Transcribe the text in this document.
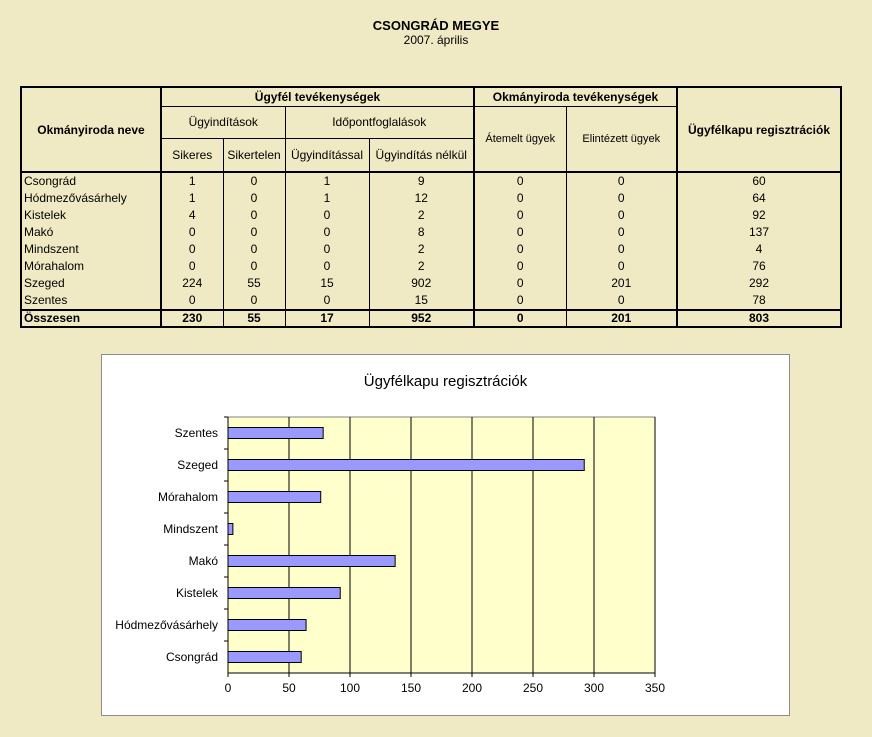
CSONGRÁD MEGYE
2007. április
Okmányiroda neve	Ügyfél tevékenységek				Okmányiroda tevékenységek		Ügyfélkapu regisztrációk
	Ügyindítások		Időpontfoglalások		Átemelt ügyek	Elintézett ügyek	
	Sikeres	Sikertelen	Ügyindítással	Ügyindítás nélkül			
Csongrád	1	0	1	9	0	0	60
Hódmezővásárhely	1	0	1	12	0	0	64
Kistelek	4	0	0	2	0	0	92
Makó	0	0	0	8	0	0	137
Mindszent	0	0	0	2	0	0	4
Mórahalom	0	0	0	2	0	0	76
Szeged	224	55	15	902	0	201	292
Szentes	0	0	0	15	0	0	78
Összesen	230	55	17	952	0	201	803
Ügyfélkapu regisztrációk
0	50	100	150	200	250	300	350
Szentes
Szeged
Mórahalom
Mindszent
Makó
Kistelek
Hódmezővásárhely
Csongrád
